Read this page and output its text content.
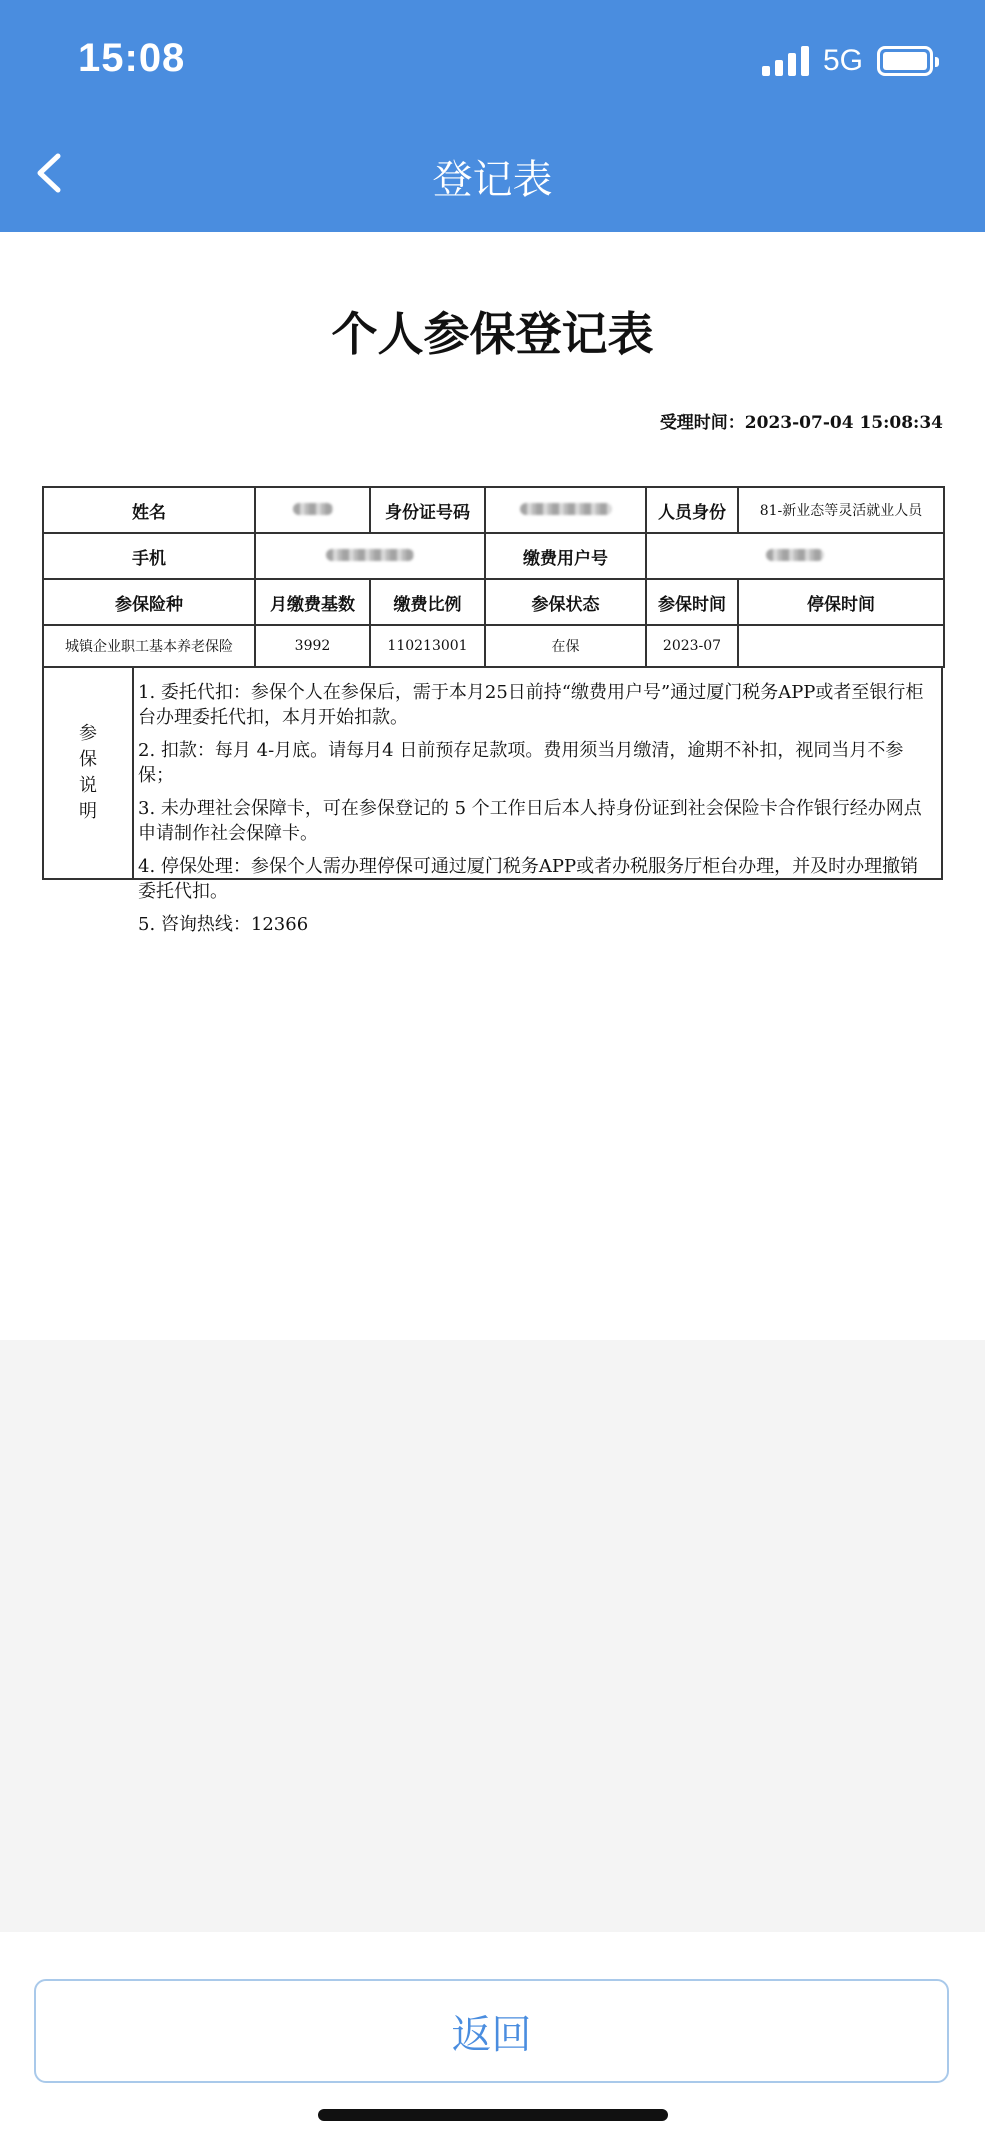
15:08	5G
登记表
个人参保登记表
受理时间：2023-07-04 15:08:34
姓名		身份证号码		人员身份	81-新业态等灵活就业人员
手机			缴费用户号		
参保险种	月缴费基数	缴费比例	参保状态	参保时间	停保时间
城镇企业职工基本养老保险	3992	110213001	在保	2023-07	
参
保
说
明
1. 委托代扣：参保个人在参保后，需于本月25日前持“缴费用户号”通过厦门税务APP或者至银行柜台办理委托代扣，本月开始扣款。
2. 扣款：每月 4-月底。请每月4 日前预存足款项。费用须当月缴清，逾期不补扣，视同当月不参保；
3. 未办理社会保障卡，可在参保登记的 5 个工作日后本人持身份证到社会保险卡合作银行经办网点申请制作社会保障卡。
4. 停保处理：参保个人需办理停保可通过厦门税务APP或者办税服务厅柜台办理，并及时办理撤销委托代扣。
5. 咨询热线：12366
返回
